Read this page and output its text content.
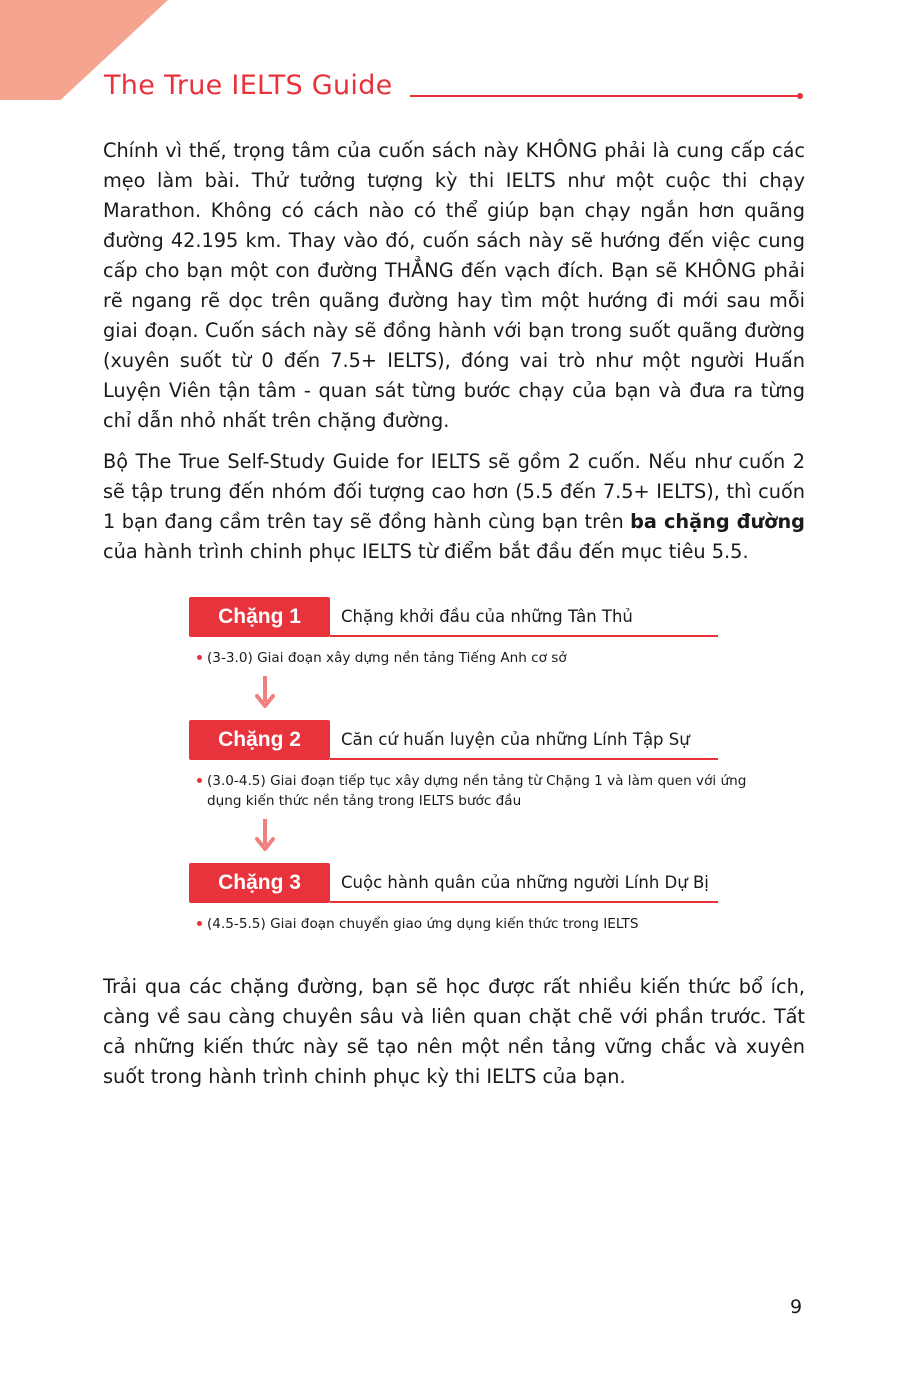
The True IELTS Guide

Chính vì thế, trọng tâm của cuốn sách này KHÔNG phải là cung cấp các mẹo làm bài. Thử tưởng tượng kỳ thi IELTS như một cuộc thi chạy Marathon. Không có cách nào có thể giúp bạn chạy ngắn hơn quãng đường 42.195 km. Thay vào đó, cuốn sách này sẽ hướng đến việc cung cấp cho bạn một con đường THẲNG đến vạch đích. Bạn sẽ KHÔNG phải rẽ ngang rẽ dọc trên quãng đường hay tìm một hướng đi mới sau mỗi giai đoạn. Cuốn sách này sẽ đồng hành với bạn trong suốt quãng đường (xuyên suốt từ 0 đến 7.5+ IELTS), đóng vai trò như một người Huấn Luyện Viên tận tâm - quan sát từng bước chạy của bạn và đưa ra từng chỉ dẫn nhỏ nhất trên chặng đường.

Bộ The True Self-Study Guide for IELTS sẽ gồm 2 cuốn. Nếu như cuốn 2 sẽ tập trung đến nhóm đối tượng cao hơn (5.5 đến 7.5+ IELTS), thì cuốn 1 bạn đang cầm trên tay sẽ đồng hành cùng bạn trên ba chặng đường của hành trình chinh phục IELTS từ điểm bắt đầu đến mục tiêu 5.5.

Chặng 1	Chặng khởi đầu của những Tân Thủ
(3-3.0) Giai đoạn xây dựng nền tảng Tiếng Anh cơ sở
Chặng 2	Căn cứ huấn luyện của những Lính Tập Sự
(3.0-4.5) Giai đoạn tiếp tục xây dựng nền tảng từ Chặng 1 và làm quen với ứng dụng kiến thức nền tảng trong IELTS bước đầu
Chặng 3	Cuộc hành quân của những người Lính Dự Bị
(4.5-5.5) Giai đoạn chuyển giao ứng dụng kiến thức trong IELTS

Trải qua các chặng đường, bạn sẽ học được rất nhiều kiến thức bổ ích, càng về sau càng chuyên sâu và liên quan chặt chẽ với phần trước. Tất cả những kiến thức này sẽ tạo nên một nền tảng vững chắc và xuyên suốt trong hành trình chinh phục kỳ thi IELTS của bạn.

9
